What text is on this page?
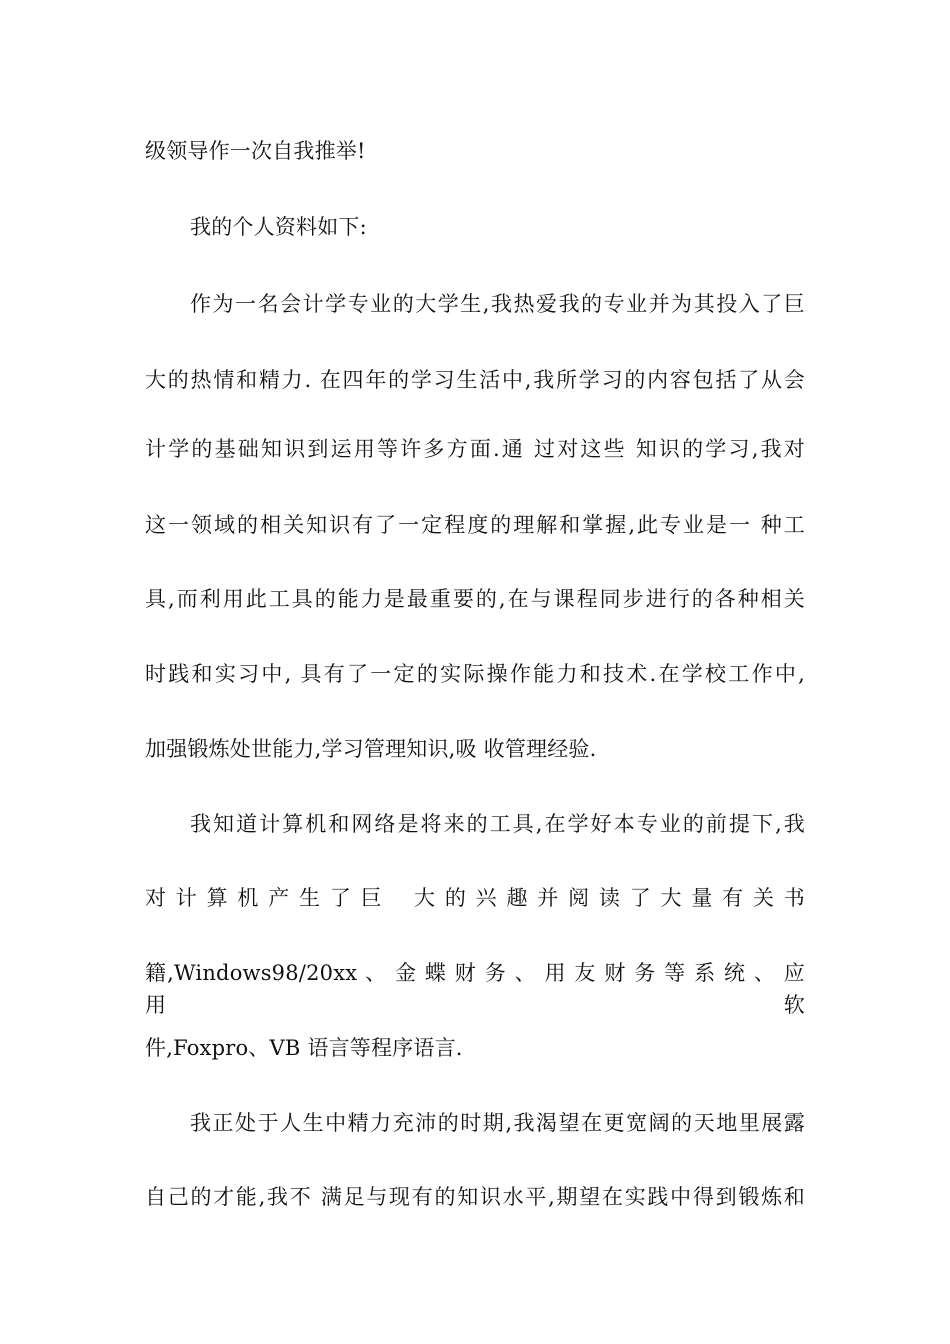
级领导作一次自我推举!
我的个人资料如下:
作为一名会计学专业的大学生,我热爱我的专业并为其投入了巨
大的热情和精力. 在四年的学习生活中,我所学习的内容包括了从会
计学的基础知识到运用等许多方面.通 过对这些 知识的学习,我对
这一领域的相关知识有了一定程度的理解和掌握,此专业是一 种工
具,而利用此工具的能力是最重要的,在与课程同步进行的各种相关
时践和实习中, 具有了一定的实际操作能力和技术.在学校工作中,
加强锻炼处世能力,学习管理知识,吸 收管理经验.
我知道计算机和网络是将来的工具,在学好本专业的前提下,我
对 计 算 机 产 生 了 巨 　大 的 兴 趣 并 阅 读 了 大 量 有 关 书
籍,Windows98/20xx 、 金 蝶 财 务 、 用 友 财 务 等 系 统 、 应 用　软
件,Foxpro、VB 语言等程序语言.
我正处于人生中精力充沛的时期,我渴望在更宽阔的天地里展露
自己的才能,我不 满足与现有的知识水平,期望在实践中得到锻炼和
